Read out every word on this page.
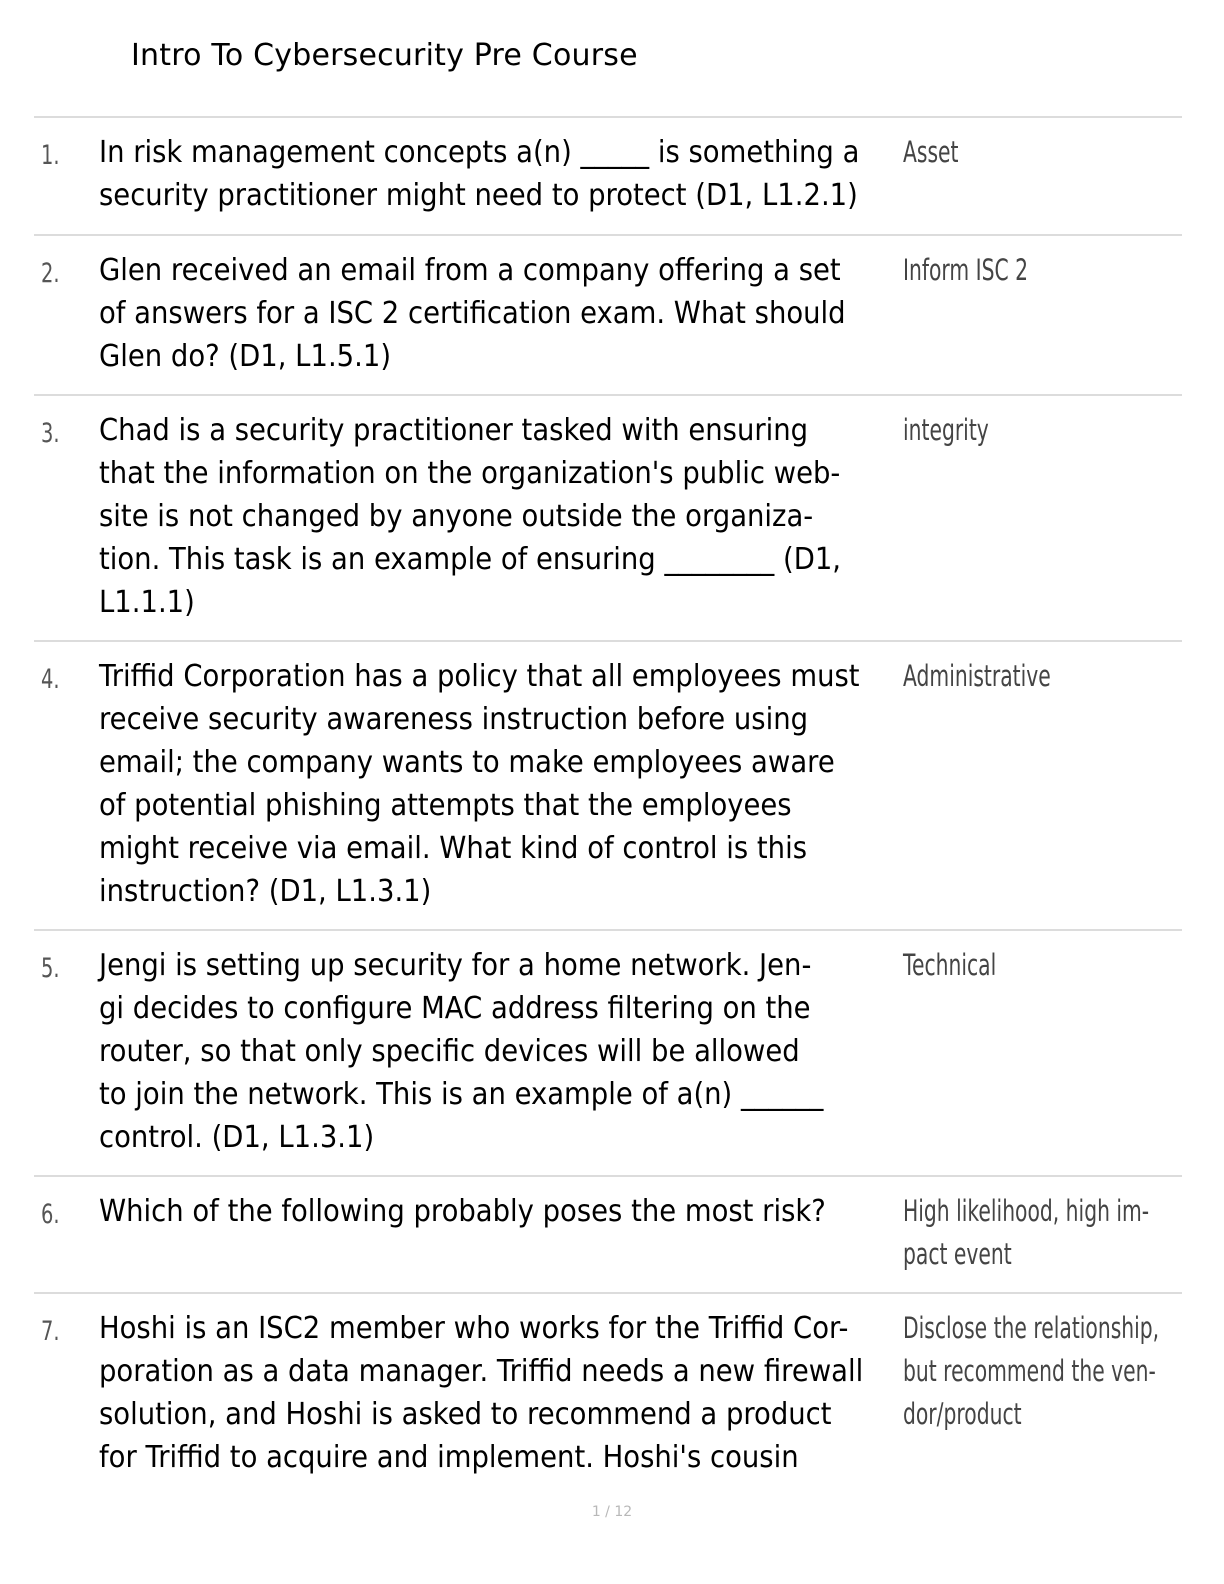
Intro To Cybersecurity Pre Course
1. In risk management concepts a(n) _____ is something a
security practitioner might need to protect (D1, L1.2.1)
Asset
2. Glen received an email from a company offering a set
of answers for a ISC 2 certification exam. What should
Glen do? (D1, L1.5.1)
Inform ISC 2
3. Chad is a security practitioner tasked with ensuring
that the information on the organization's public web-
site is not changed by anyone outside the organiza-
tion. This task is an example of ensuring ________ (D1,
L1.1.1)
integrity
4. Triffid Corporation has a policy that all employees must
receive security awareness instruction before using
email; the company wants to make employees aware
of potential phishing attempts that the employees
might receive via email. What kind of control is this
instruction? (D1, L1.3.1)
Administrative
5. Jengi is setting up security for a home network. Jen-
gi decides to configure MAC address filtering on the
router, so that only specific devices will be allowed
to join the network. This is an example of a(n) ______
control. (D1, L1.3.1)
Technical
6. Which of the following probably poses the most risk?	High likelihood, high im-
pact event
7. Hoshi is an ISC2 member who works for the Triffid Cor-
poration as a data manager. Triffid needs a new firewall
solution, and Hoshi is asked to recommend a product
for Triffid to acquire and implement. Hoshi's cousin
Disclose the relationship,
but recommend the ven-
dor/product
1 / 12
